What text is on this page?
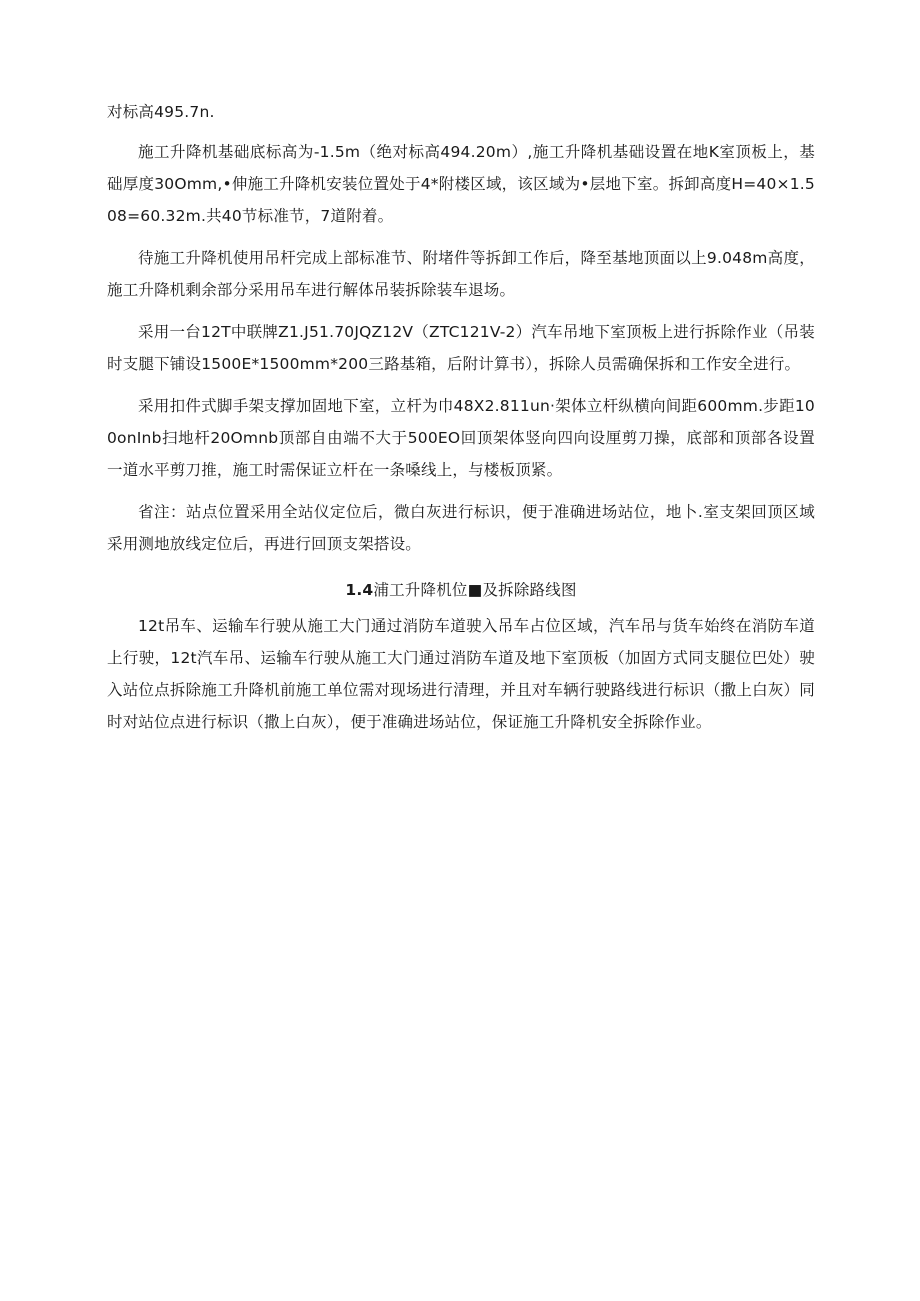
对标高495.7n.

施工升降机基础底标高为-1.5m（绝对标高494.20m）,施工升降机基础设置在地K室顶板上，基础厚度30Omm,•伸施工升降机安装位置处于4*附楼区域，该区域为•层地下室。拆卸高度H=40×1.508=60.32m.共40节标准节，7道附着。

待施工升降机使用吊杆完成上部标准节、附堵件等拆卸工作后，降至基地顶面以上9.048m高度，施工升降机剩余部分采用吊车进行解体吊装拆除装车退场。

采用一台12T中联牌Z1.J51.70JQZ12V（ZTC121V-2）汽车吊地下室顶板上进行拆除作业（吊装时支腿下铺设1500E*1500mm*200三路基箱，后附计算书），拆除人员需确保拆和工作安全进行。

采用扣件式脚手架支撑加固地下室，立杆为巾48X2.811un·架体立杆纵横向间距600mm.步距100onInb扫地杆20Omnb顶部自由端不大于500EO回顶架体竖向四向设厘剪刀操，底部和顶部各设置一道水平剪刀推，施工时需保证立杆在一条嗓线上，与楼板顶紧。

省注：站点位置采用全站仪定位后，微白灰进行标识，便于准确进场站位，地卜.室支架回顶区域采用测地放线定位后，再进行回顶支架搭设。

1.4浦工升降机位■及拆除路线图

12t吊车、运输车行驶从施工大门通过消防车道驶入吊车占位区域，汽车吊与货车始终在消防车道上行驶，12t汽车吊、运输车行驶从施工大门通过消防车道及地下室顶板（加固方式同支腿位巴处）驶入站位点拆除施工升降机前施工单位需对现场进行清理，并且对车辆行驶路线进行标识（撒上白灰）同时对站位点进行标识（撒上白灰），便于准确进场站位，保证施工升降机安全拆除作业。
